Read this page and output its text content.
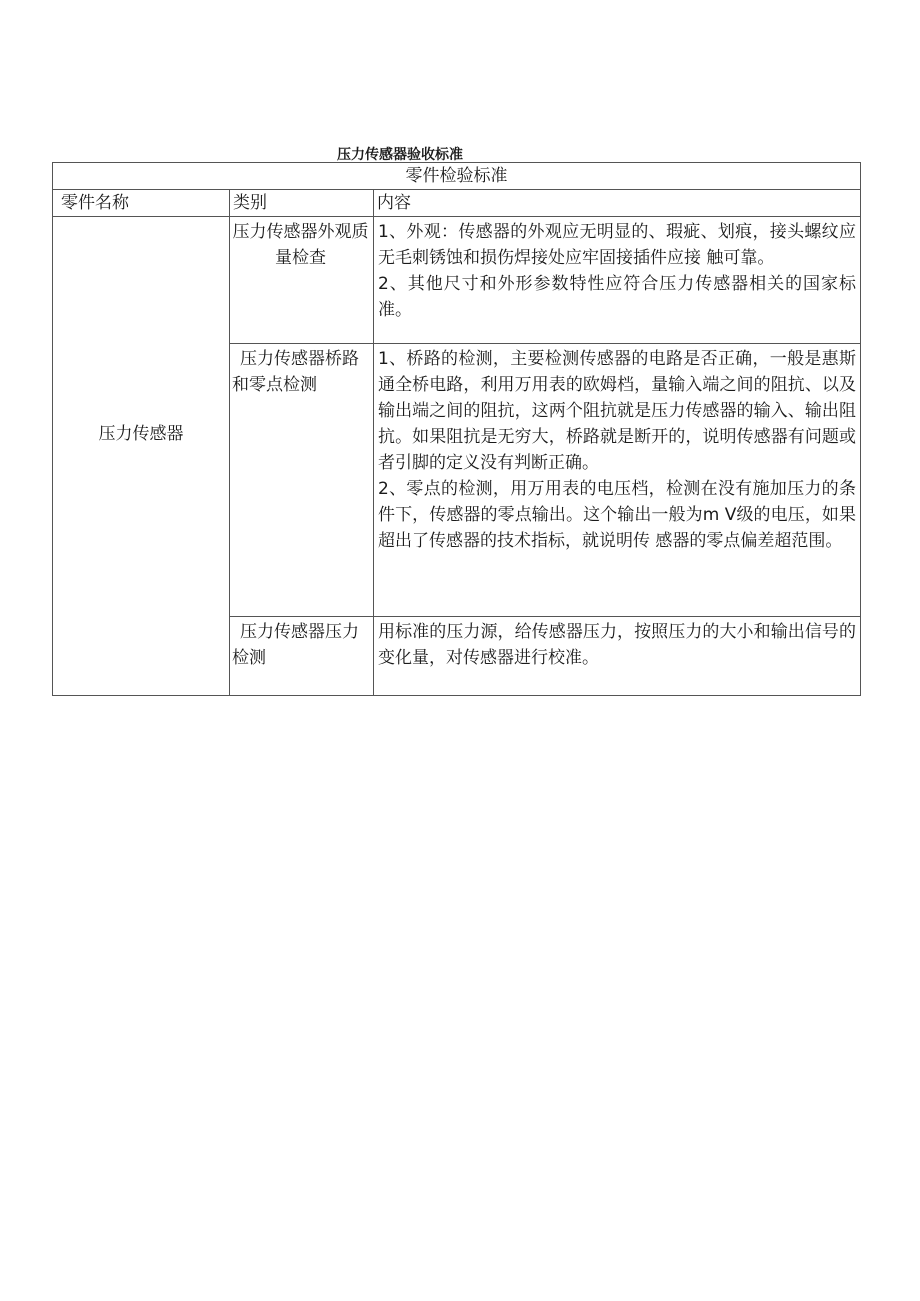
压力传感器验收标准
零件检验标准		
零件名称	类别	内容
压力传感器	压力传感器外观质量检查	1、外观：传感器的外观应无明显的、瑕疵、划痕，接头螺纹应无毛刺锈蚀和损伤焊接处应牢固接插件应接 触可靠。

2、其他尺寸和外形参数特性应符合压力传感器相关的国家标准。

	压力传感器桥路和零点检测	1、桥路的检测，主要检测传感器的电路是否正确，一般是惠斯通全桥电路，利用万用表的欧姆档，量输入端之间的阻抗、以及输出端之间的阻抗，这两个阻抗就是压力传感器的输入、输出阻抗。如果阻抗是无穷大，桥路就是断开的，说明传感器有问题或者引脚的定义没有判断正确。

2、零点的检测，用万用表的电压档，检测在没有施加压力的条件下，传感器的零点输出。这个输出一般为m V级的电压，如果超出了传感器的技术指标，就说明传 感器的零点偏差超范围。

	压力传感器压力检测	用标准的压力源，给传感器压力，按照压力的大小和输出信号的变化量，对传感器进行校准。
